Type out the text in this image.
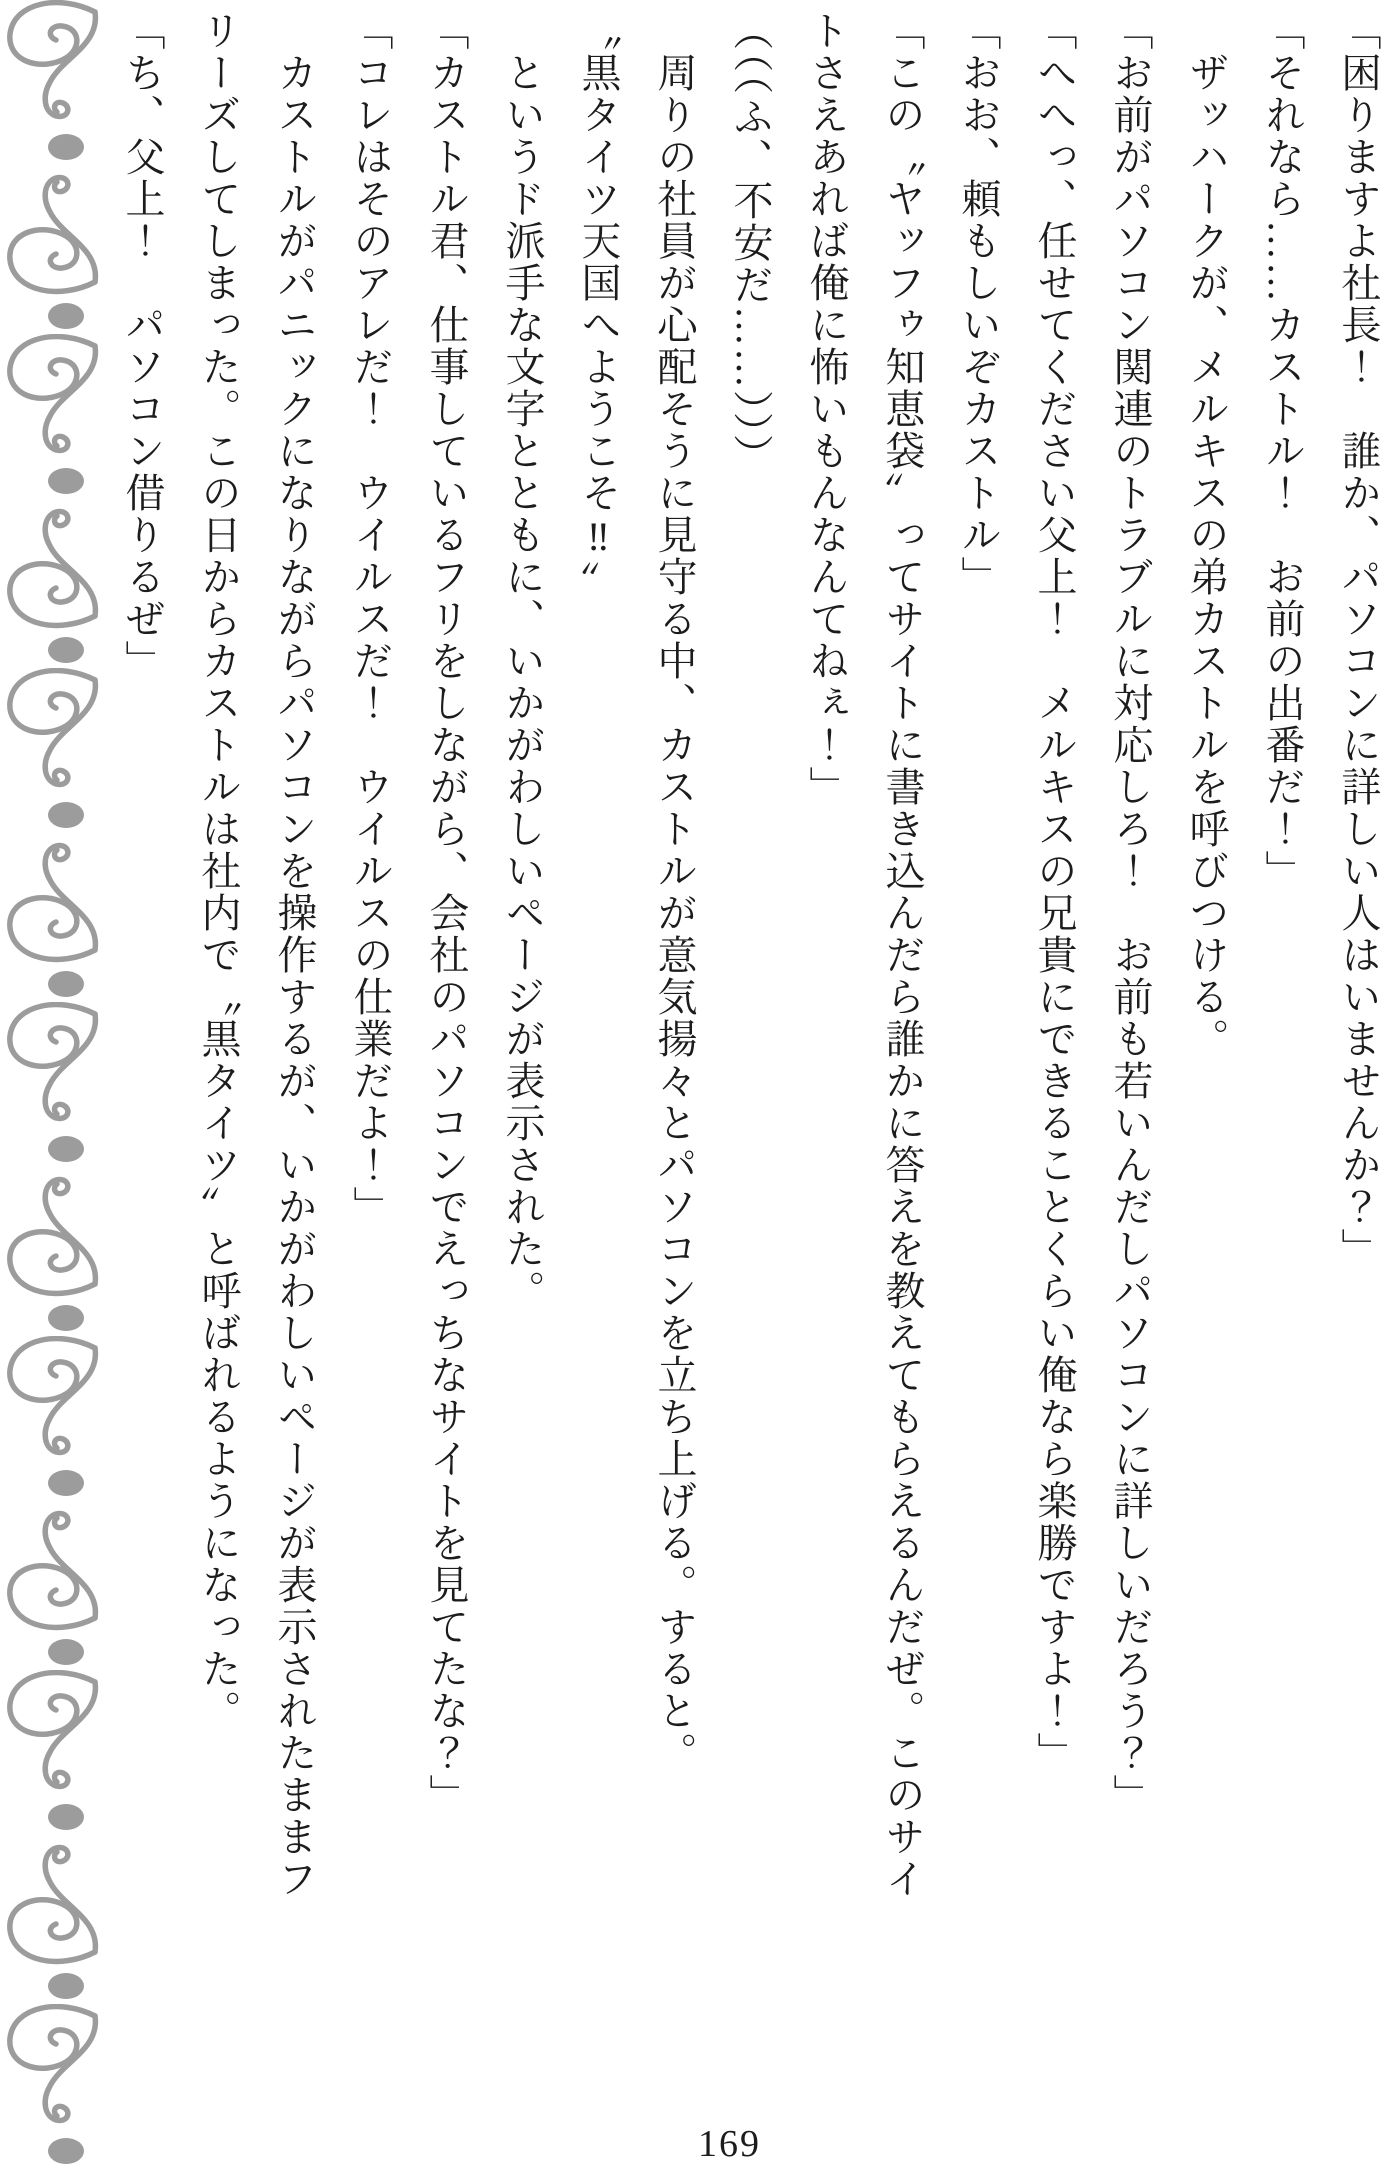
「困りますよ社長！　誰か、パソコンに詳しい人はいませんか？」

「それなら……カストル！　お前の出番だ！」

　ザッハークが、メルキスの弟カストルを呼びつける。

「お前がパソコン関連のトラブルに対応しろ！　お前も若いんだしパソコンに詳しいだろう？」

「へへっ、任せてください父上！　メルキスの兄貴にできることくらい俺なら楽勝ですよ！」

「おお、頼もしいぞカストル」

「この〝ヤッフゥ知恵袋〟ってサイトに書き込んだら誰かに答えを教えてもらえるんだぜ。このサイ

トさえあれば俺に怖いもんなんてねぇ！」

（（（ふ、不安だ……）））

　周りの社員が心配そうに見守る中、カストルが意気揚々とパソコンを立ち上げる。すると。

〝黒タイツ天国へようこそ‼〟

　というド派手な文字とともに、いかがわしいページが表示された。

「カストル君、仕事しているフリをしながら、会社のパソコンでえっちなサイトを見てたな？」

「コレはそのアレだ！　ウイルスだ！　ウイルスの仕業だよ！」

　カストルがパニックになりながらパソコンを操作するが、いかがわしいページが表示されたままフ

リーズしてしまった。この日からカストルは社内で〝黒タイツ〟と呼ばれるようになった。

「ち、父上！　パソコン借りるぜ」

169
